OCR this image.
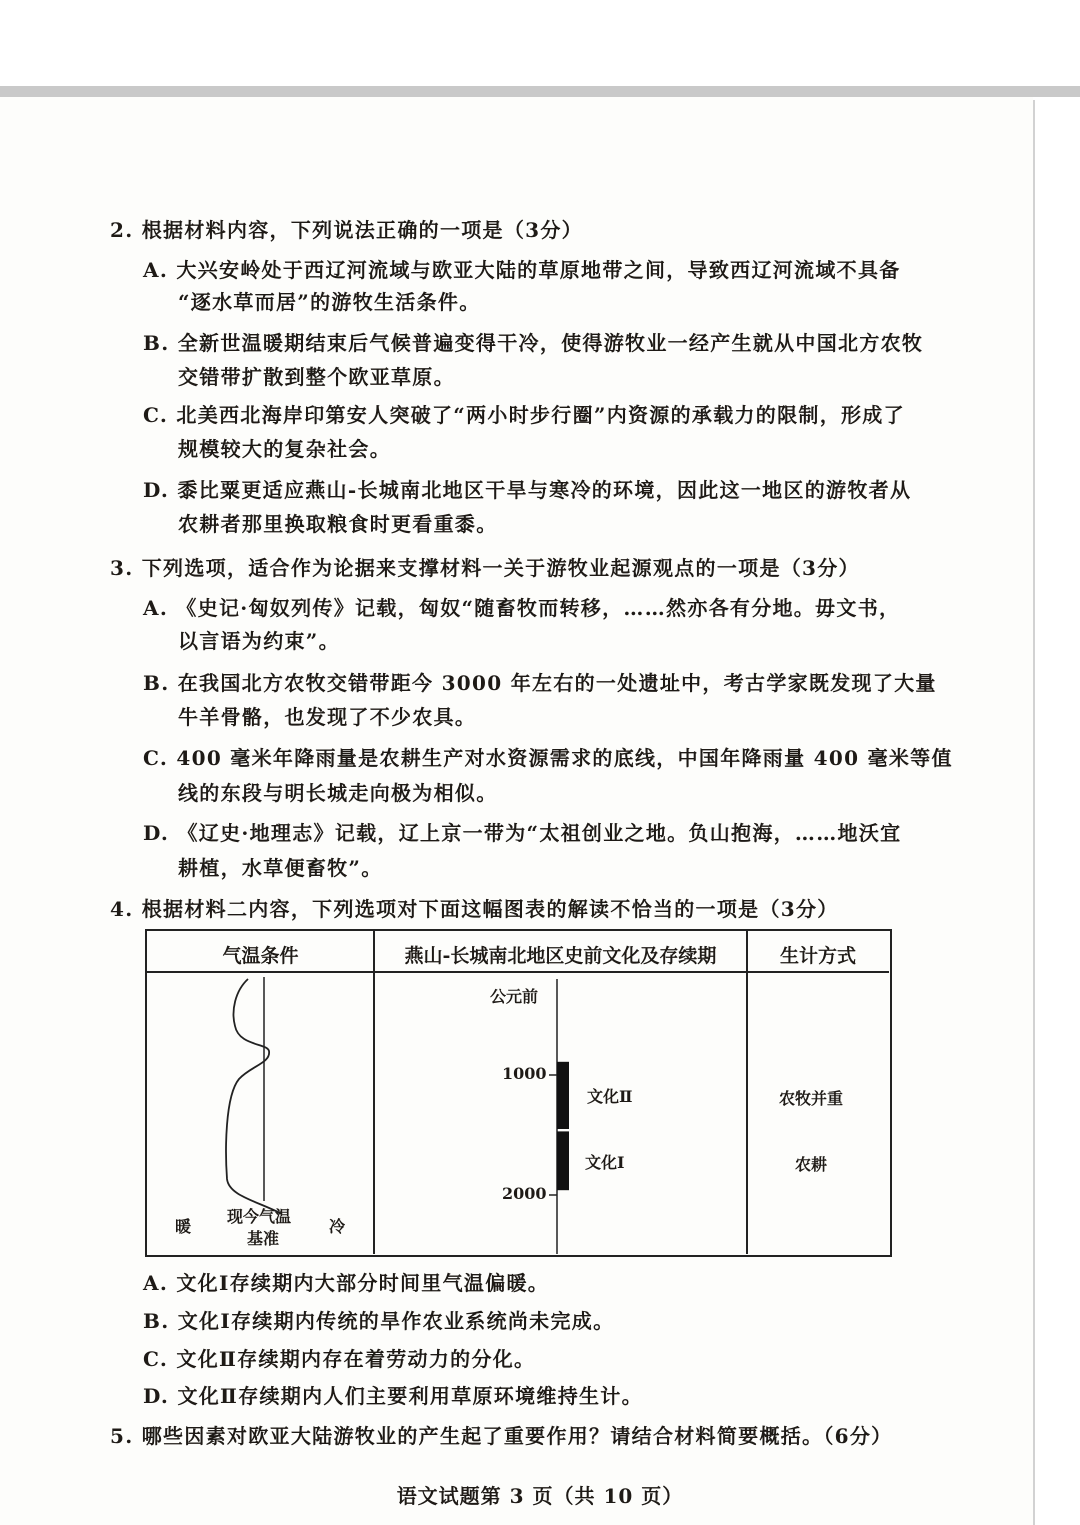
2. 根据材料内容，下列说法正确的一项是（3分）
A. 大兴安岭处于西辽河流域与欧亚大陆的草原地带之间，导致西辽河流域不具备
“逐水草而居”的游牧生活条件。
B. 全新世温暖期结束后气候普遍变得干冷，使得游牧业一经产生就从中国北方农牧
交错带扩散到整个欧亚草原。
C. 北美西北海岸印第安人突破了“两小时步行圈”内资源的承载力的限制，形成了
规模较大的复杂社会。
D. 黍比粟更适应燕山-长城南北地区干旱与寒冷的环境，因此这一地区的游牧者从
农耕者那里换取粮食时更看重黍。
3. 下列选项，适合作为论据来支撑材料一关于游牧业起源观点的一项是（3分）
A. 《史记·匈奴列传》记载，匈奴“随畜牧而转移，……然亦各有分地。毋文书，
以言语为约束”。
B. 在我国北方农牧交错带距今 3000 年左右的一处遗址中，考古学家既发现了大量
牛羊骨骼，也发现了不少农具。
C. 400 毫米年降雨量是农耕生产对水资源需求的底线，中国年降雨量 400 毫米等值
线的东段与明长城走向极为相似。
D. 《辽史·地理志》记载，辽上京一带为“太祖创业之地。负山抱海，……地沃宜
耕植，水草便畜牧”。
4. 根据材料二内容，下列选项对下面这幅图表的解读不恰当的一项是（3分）
气温条件	燕山-长城南北地区史前文化及存续期	生计方式
暖
现今气温
基准
冷
公元前
1000
2000
文化Ⅱ
文化Ⅰ
农牧并重
农耕
A. 文化Ⅰ存续期内大部分时间里气温偏暖。
B. 文化Ⅰ存续期内传统的旱作农业系统尚未完成。
C. 文化Ⅱ存续期内存在着劳动力的分化。
D. 文化Ⅱ存续期内人们主要利用草原环境维持生计。
5. 哪些因素对欧亚大陆游牧业的产生起了重要作用？请结合材料简要概括。（6分）
语文试题第 3 页（共 10 页）
